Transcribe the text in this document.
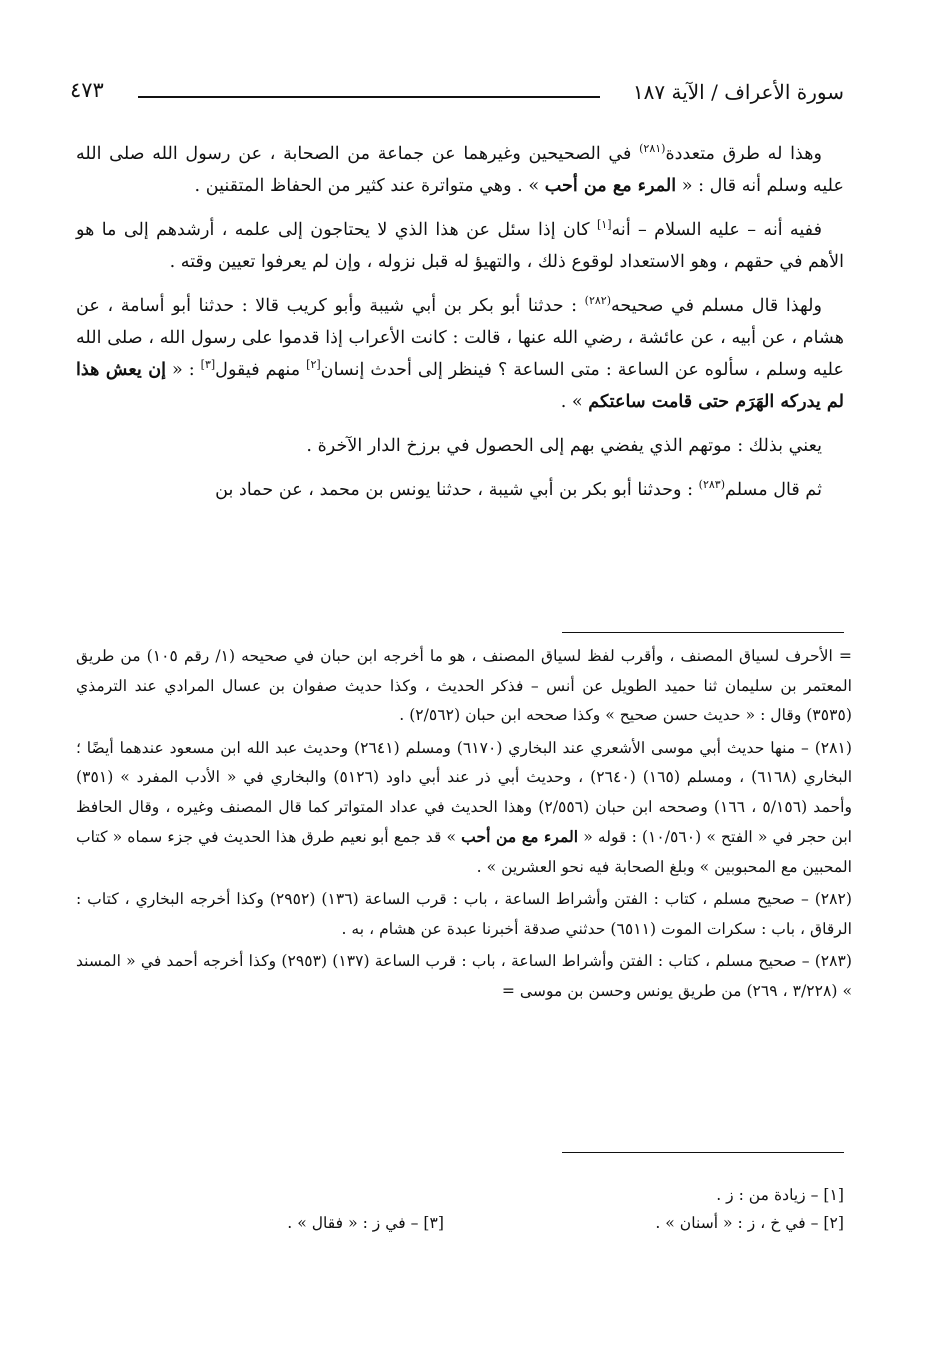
سورة الأعراف / الآية ١٨٧
٤٧٣

وهذا له طرق متعددة$^{(٢٨١)}$ في الصحيحين وغيرهما عن جماعة من الصحابة ، عن رسول الله صلى الله عليه وسلم أنه قال : « المرء مع من أحب » . وهي متواترة عند كثير من الحفاظ المتقنين .

ففيه أنه – عليه السلام – أنه[١] كان إذا سئل عن هذا الذي لا يحتاجون إلى علمه ، أرشدهم إلى ما هو الأهم في حقهم ، وهو الاستعداد لوقوع ذلك ، والتهيؤ له قبل نزوله ، وإن لم يعرفوا تعيين وقته .

ولهذا قال مسلم في صحيحه$^{(٢٨٢)}$ : حدثنا أبو بكر بن أبي شيبة وأبو كريب قالا : حدثنا أبو أسامة ، عن هشام ، عن أبيه ، عن عائشة ، رضي الله عنها ، قالت : كانت الأعراب إذا قدموا على رسول الله ، صلى الله عليه وسلم ، سألوه عن الساعة : متى الساعة ؟ فينظر إلى أحدث إنسان[٢] منهم فيقول[٣] : « إن يعش هذا لم يدركه الهَرَم حتى قامت ساعتكم » .

يعني بذلك : موتهم الذي يفضي بهم إلى الحصول في برزخ الدار الآخرة .

ثم قال مسلم$^{(٢٨٣)}$ : وحدثنا أبو بكر بن أبي شيبة ، حدثنا يونس بن محمد ، عن حماد بن

= الأحرف لسياق المصنف ، وأقرب لفظ لسياق المصنف ، هو ما أخرجه ابن حبان في صحيحه (١/ رقم ١٠٥) من طريق المعتمر بن سليمان ثنا حميد الطويل عن أنس – فذكر الحديث ، وكذا حديث صفوان بن عسال المرادي عند الترمذي (٣٥٣٥) وقال : « حديث حسن صحيح » وكذا صححه ابن حبان (٢/٥٦٢) .

(٢٨١) – منها حديث أبي موسى الأشعري عند البخاري (٦١٧٠) ومسلم (٢٦٤١) وحديث عبد الله ابن مسعود عندهما أيضًا ؛ البخاري (٦١٦٨) ، ومسلم (١٦٥) (٢٦٤٠) ، وحديث أبي ذر عند أبي داود (٥١٢٦) والبخاري في « الأدب المفرد » (٣٥١) وأحمد (٥/١٥٦ ، ١٦٦) وصححه ابن حبان (٢/٥٥٦) وهذا الحديث في عداد المتواتر كما قال المصنف وغيره ، وقال الحافظ ابن حجر في « الفتح » (١٠/٥٦٠) : قوله « المرء مع من أحب » قد جمع أبو نعيم طرق هذا الحديث في جزء سماه « كتاب المحبين مع المحبوبين » وبلغ الصحابة فيه نحو العشرين » .

(٢٨٢) – صحيح مسلم ، كتاب : الفتن وأشراط الساعة ، باب : قرب الساعة (١٣٦) (٢٩٥٢) وكذا أخرجه البخاري ، كتاب : الرقاق ، باب : سكرات الموت (٦٥١١) حدثني صدقة أخبرنا عبدة عن هشام ، به .

(٢٨٣) – صحيح مسلم ، كتاب : الفتن وأشراط الساعة ، باب : قرب الساعة (١٣٧) (٢٩٥٣) وكذا أخرجه أحمد في « المسند » (٣/٢٢٨ ، ٢٦٩) من طريق يونس وحسن بن موسى =

[١] – زيادة من : ز .
[٢] – في خ ، ز : « أسنان » .
[٣] – في ز : « فقال » .
